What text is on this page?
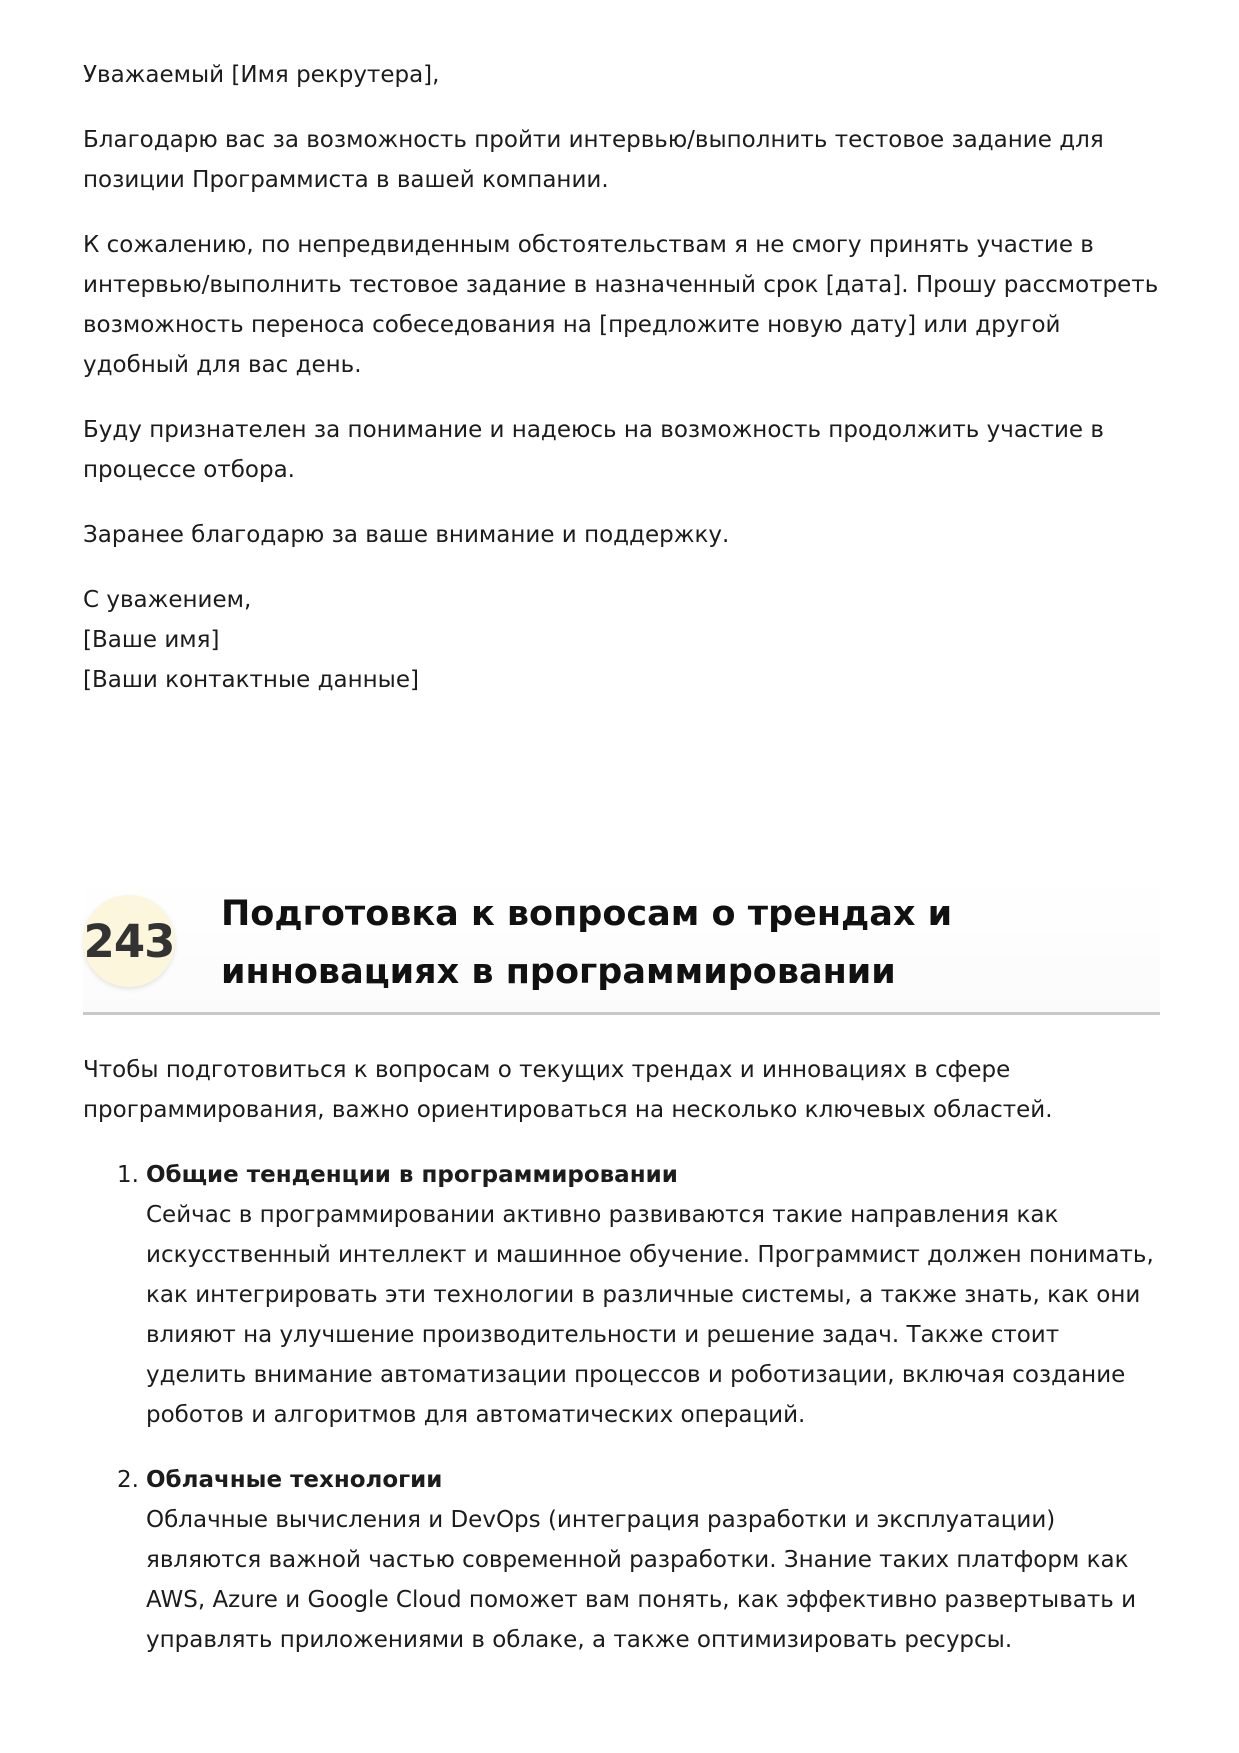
Уважаемый [Имя рекрутера],

Благодарю вас за возможность пройти интервью/выполнить тестовое задание для позиции Программиста в вашей компании.

К сожалению, по непредвиденным обстоятельствам я не смогу принять участие в интервью/выполнить тестовое задание в назначенный срок [дата]. Прошу рассмотреть возможность переноса собеседования на [предложите новую дату] или другой удобный для вас день.

Буду признателен за понимание и надеюсь на возможность продолжить участие в процессе отбора.

Заранее благодарю за ваше внимание и поддержку.

С уважением,
[Ваше имя]
[Ваши контактные данные]
243
Подготовка к вопросам о трендах и инновациях в программировании

Чтобы подготовиться к вопросам о текущих трендах и инновациях в сфере программирования, важно ориентироваться на несколько ключевых областей.

1. Общие тенденции в программировании
Сейчас в программировании активно развиваются такие направления как искусственный интеллект и машинное обучение. Программист должен понимать, как интегрировать эти технологии в различные системы, а также знать, как они влияют на улучшение производительности и решение задач. Также стоит уделить внимание автоматизации процессов и роботизации, включая создание роботов и алгоритмов для автоматических операций.
2. Облачные технологии
Облачные вычисления и DevOps (интеграция разработки и эксплуатации) являются важной частью современной разработки. Знание таких платформ как AWS, Azure и Google Cloud поможет вам понять, как эффективно развертывать и управлять приложениями в облаке, а также оптимизировать ресурсы.
